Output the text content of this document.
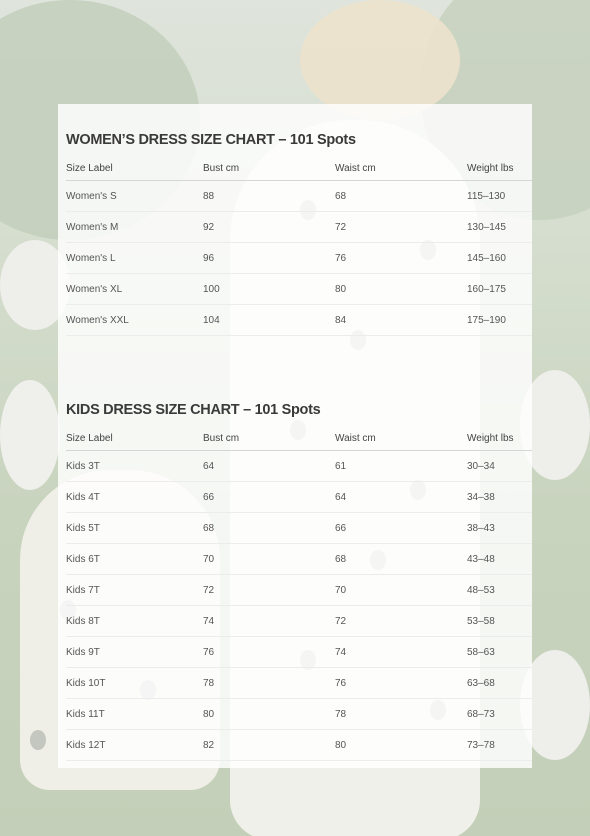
WOMEN’S DRESS SIZE CHART – 101 Spots
Size Label	Bust cm	Waist cm	Weight lbs
Women's S	88	68	115–130
Women's M	92	72	130–145
Women's L	96	76	145–160
Women's XL	100	80	160–175
Women's XXL	104	84	175–190
KIDS DRESS SIZE CHART – 101 Spots
Size Label	Bust cm	Waist cm	Weight lbs
Kids 3T	64	61	30–34
Kids 4T	66	64	34–38
Kids 5T	68	66	38–43
Kids 6T	70	68	43–48
Kids 7T	72	70	48–53
Kids 8T	74	72	53–58
Kids 9T	76	74	58–63
Kids 10T	78	76	63–68
Kids 11T	80	78	68–73
Kids 12T	82	80	73–78
